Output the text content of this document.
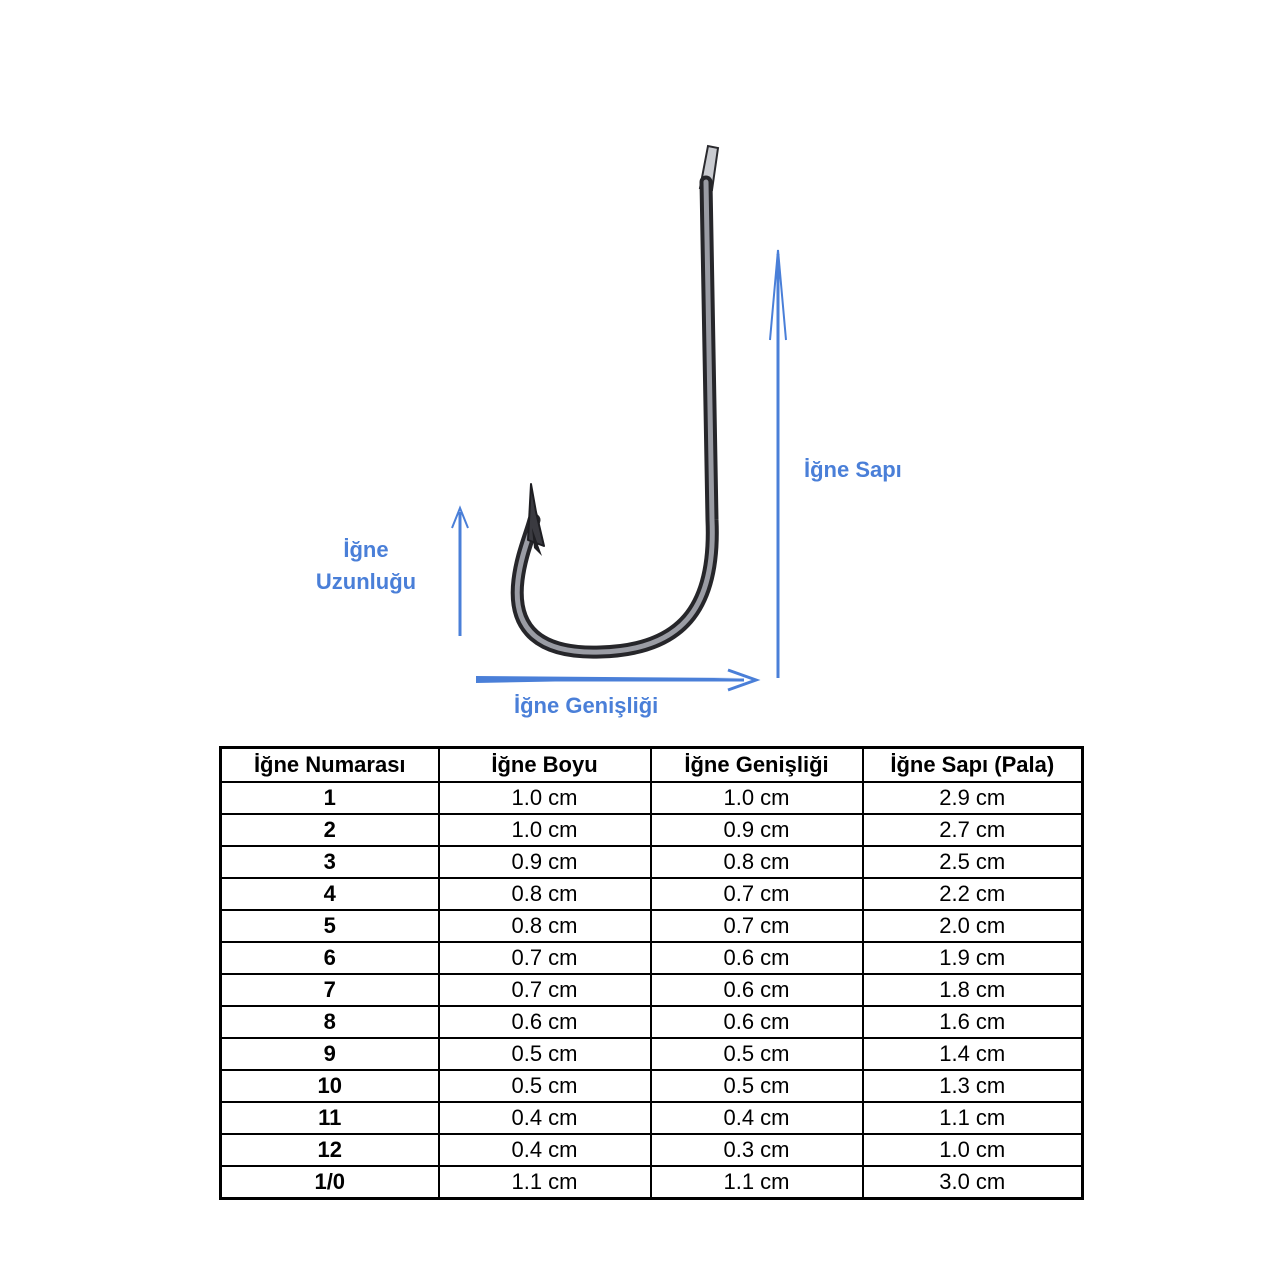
İğne
Uzunluğu
İğne Sapı
İğne Genişliği
İğne Numarası	İğne Boyu	İğne Genişliği	İğne Sapı (Pala)
1	1.0 cm	1.0 cm	2.9 cm
2	1.0 cm	0.9 cm	2.7 cm
3	0.9 cm	0.8 cm	2.5 cm
4	0.8 cm	0.7 cm	2.2 cm
5	0.8 cm	0.7 cm	2.0 cm
6	0.7 cm	0.6 cm	1.9 cm
7	0.7 cm	0.6 cm	1.8 cm
8	0.6 cm	0.6 cm	1.6 cm
9	0.5 cm	0.5 cm	1.4 cm
10	0.5 cm	0.5 cm	1.3 cm
11	0.4 cm	0.4 cm	1.1 cm
12	0.4 cm	0.3 cm	1.0 cm
1/0	1.1 cm	1.1 cm	3.0 cm
